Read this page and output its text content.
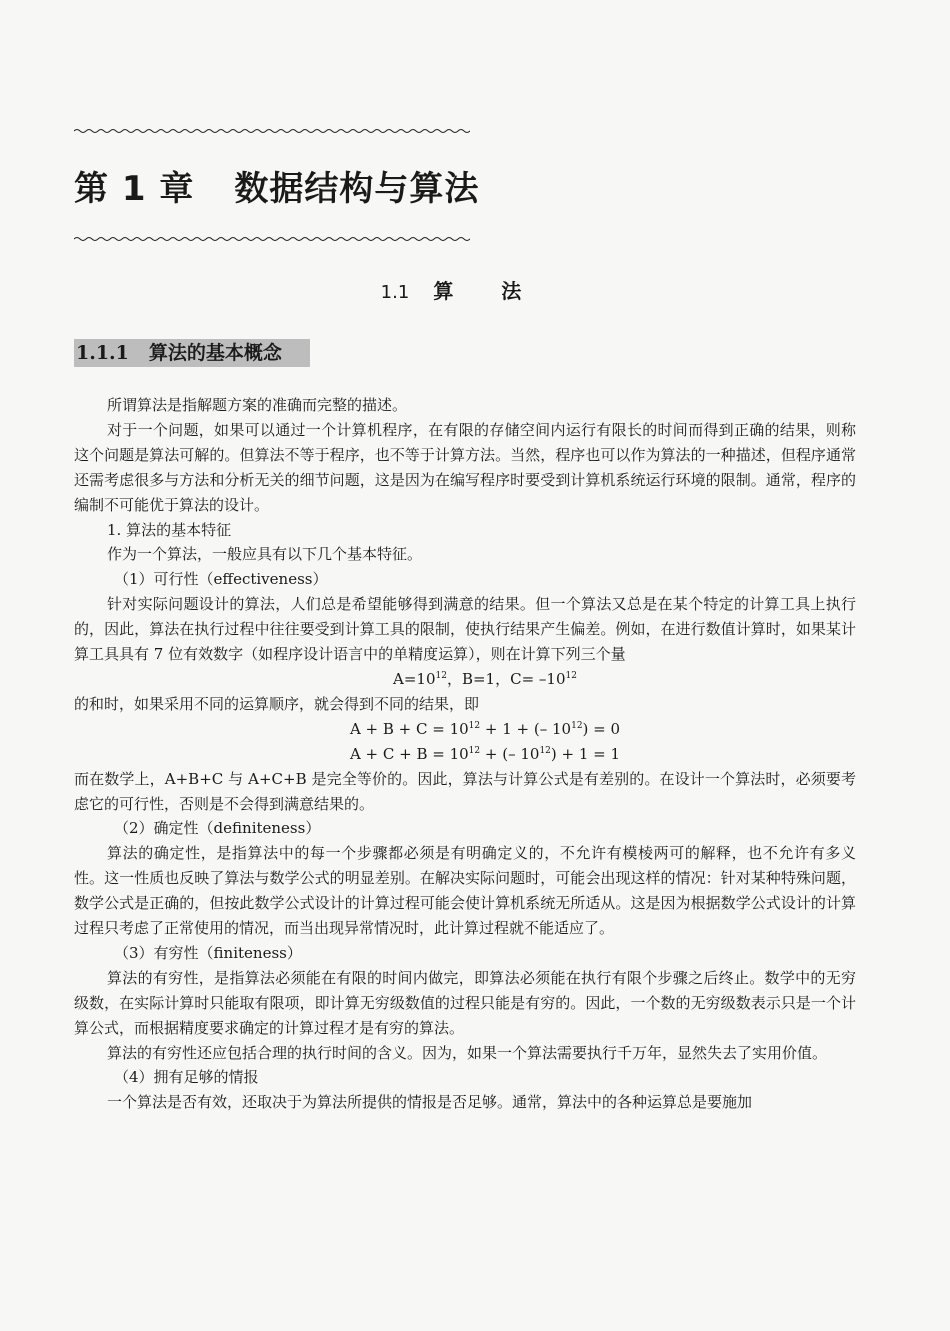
第 1 章 数据结构与算法
1.1 算法
1.1.1 算法的基本概念

所谓算法是指解题方案的准确而完整的描述。

对于一个问题，如果可以通过一个计算机程序，在有限的存储空间内运行有限长的时间而得到正确的结果，则称这个问题是算法可解的。但算法不等于程序，也不等于计算方法。当然，程序也可以作为算法的一种描述，但程序通常还需考虑很多与方法和分析无关的细节问题，这是因为在编写程序时要受到计算机系统运行环境的限制。通常，程序的编制不可能优于算法的设计。

1. 算法的基本特征

作为一个算法，一般应具有以下几个基本特征。

（1）可行性（effectiveness）

针对实际问题设计的算法，人们总是希望能够得到满意的结果。但一个算法又总是在某个特定的计算工具上执行的，因此，算法在执行过程中往往要受到计算工具的限制，使执行结果产生偏差。例如，在进行数值计算时，如果某计算工具具有 7 位有效数字（如程序设计语言中的单精度运算），则在计算下列三个量

$A=10^{12}$，B=1，$C= -10^{12}$

的和时，如果采用不同的运算顺序，就会得到不同的结果，即

$A + B + C = 10^{12} + 1$ + (– $10^{12}) = 0$

$A + C + B = 10^{12}$ + (– $10^{12}) + 1 = 1$

而在数学上，A+B+C 与 A+C+B 是完全等价的。因此，算法与计算公式是有差别的。在设计一个算法时，必须要考虑它的可行性，否则是不会得到满意结果的。

（2）确定性（definiteness）

算法的确定性，是指算法中的每一个步骤都必须是有明确定义的，不允许有模棱两可的解释，也不允许有多义性。这一性质也反映了算法与数学公式的明显差别。在解决实际问题时，可能会出现这样的情况：针对某种特殊问题，数学公式是正确的，但按此数学公式设计的计算过程可能会使计算机系统无所适从。这是因为根据数学公式设计的计算过程只考虑了正常使用的情况，而当出现异常情况时，此计算过程就不能适应了。

（3）有穷性（finiteness）

算法的有穷性，是指算法必须能在有限的时间内做完，即算法必须能在执行有限个步骤之后终止。数学中的无穷级数，在实际计算时只能取有限项，即计算无穷级数值的过程只能是有穷的。因此，一个数的无穷级数表示只是一个计算公式，而根据精度要求确定的计算过程才是有穷的算法。

算法的有穷性还应包括合理的执行时间的含义。因为，如果一个算法需要执行千万年，显然失去了实用价值。

（4）拥有足够的情报

一个算法是否有效，还取决于为算法所提供的情报是否足够。通常，算法中的各种运算总是要施加
